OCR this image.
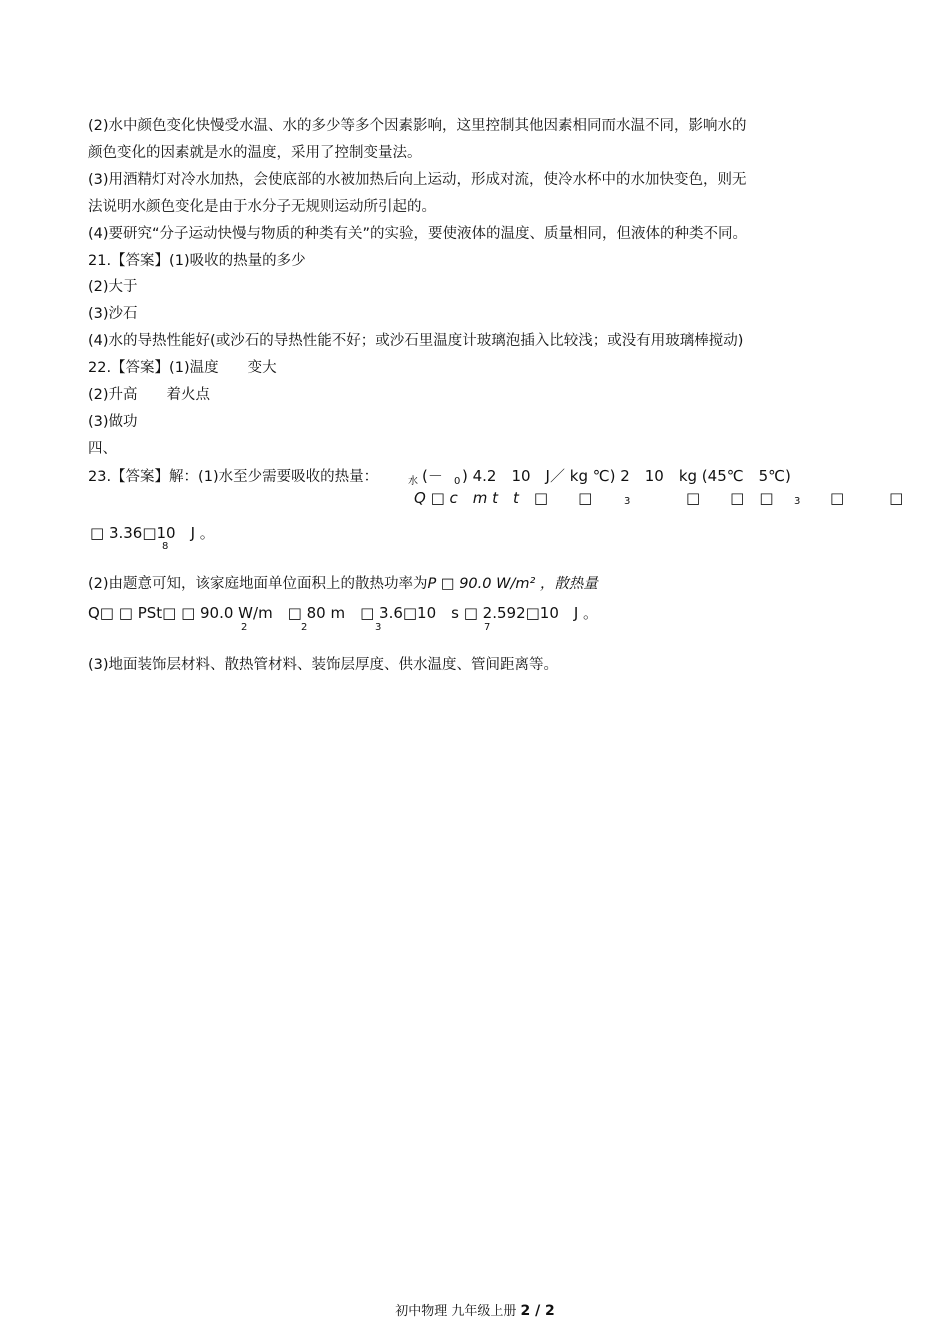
(2)水中颜色变化快慢受水温、水的多少等多个因素影响，这里控制其他因素相同而水温不同，影响水的
颜色变化的因素就是水的温度，采用了控制变量法。
(3)用酒精灯对冷水加热，会使底部的水被加热后向上运动，形成对流，使冷水杯中的水加快变色，则无
法说明水颜色变化是由于水分子无规则运动所引起的。
(4)要研究“分子运动快慢与物质的种类有关”的实验，要使液体的温度、质量相同，但液体的种类不同。
21.【答案】(1)吸收的热量的多少
(2)大于
(3)沙石
(4)水的导热性能好(或沙石的导热性能不好；或沙石里温度计玻璃泡插入比较浅；或没有用玻璃棒搅动)
22.【答案】(1)温度　　变大
(2)升高　　着火点
(3)做功
四、
23.【答案】解：(1)水至少需要吸收的热量：	水 (－ 0 ) 4.2　10　J／ kg ℃) 2　10　kg (45℃　5℃)
Q □ c　m t　t　□　　□	3	□　　□　□ 3 □　　　□
□ 3.36□10　J 。
8
(2)由题意可知，该家庭地面单位面积上的散热功率为P □ 90.0 W/m² ，散热量
Q□ □ PSt□ □ 90.0 W/m　□ 80 m　□ 3.6□10　s □ 2.592□10　J 。
2	2	3	7
(3)地面装饰层材料、散热管材料、装饰层厚度、供水温度、管间距离等。
初中物理 九年级上册 2 / 2
